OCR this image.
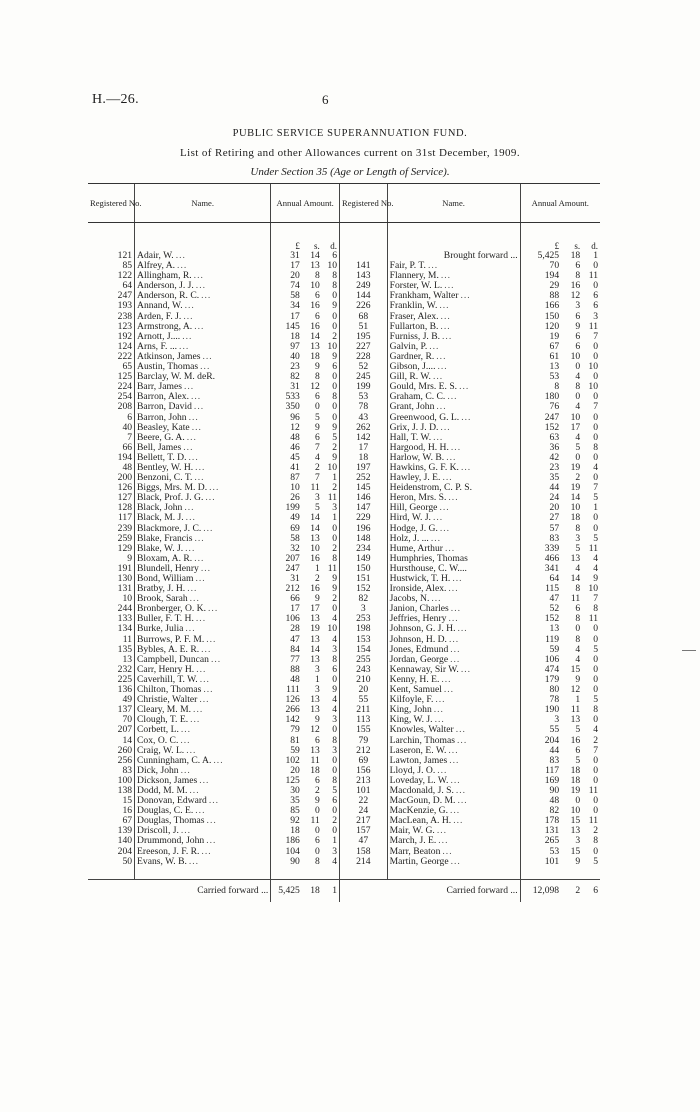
H.—26.	6
PUBLIC SERVICE SUPERANNUATION FUND.
List of Retiring and other Allowances current on 31st December, 1909.
Under Section 35 (Age or Length of Service).
Registered No.	Name.	Annual Amount.			Registered No.	Name.	Annual Amount.		

		£	s.	d.			£	s.	d.
121	Adair, W. ...	31	14	6		Brought forward ...	5,425	18	1
85	Alfrey, A. ...	17	13	10	141	Fair, P. T. ...	70	6	0
122	Allingham, R. ...	20	8	8	143	Flannery, M. ...	194	8	11
64	Anderson, J. J. ...	74	10	8	249	Forster, W. L. ...	29	16	0
247	Anderson, R. C. ...	58	6	0	144	Frankham, Walter ...	88	12	6
193	Annand, W. ...	34	16	9	226	Franklin, W. ...	166	3	6
238	Arden, F. J. ...	17	6	0	68	Fraser, Alex. ...	150	6	3
123	Armstrong, A. ...	145	16	0	51	Fullarton, B. ...	120	9	11
192	Arnott, J.... ...	18	14	2	195	Furniss, J. B. ...	19	6	7
124	Arns, F. ... ...	97	13	10	227	Galvin, P. ...	67	6	0
222	Atkinson, James ...	40	18	9	228	Gardner, R. ...	61	10	0
65	Austin, Thomas ...	23	9	6	52	Gibson, J.... ...	13	0	10
125	Barclay, W. M. deR.	82	8	0	245	Gill, R. W. ...	53	4	0
224	Barr, James ...	31	12	0	199	Gould, Mrs. E. S. ...	8	8	10
254	Barron, Alex. ...	533	6	8	53	Graham, C. C. ...	180	0	0
208	Barron, David ...	350	0	0	78	Grant, John ...	76	4	7
6	Barron, John ...	96	5	0	43	Greenwood, G. L. ...	247	10	0
40	Beasley, Kate ...	12	9	9	262	Grix, J. J. D. ...	152	17	0
7	Beere, G. A. ...	48	6	5	142	Hall, T. W. ...	63	4	0
66	Bell, James ...	46	7	2	17	Hargood, H. H. ...	36	5	8
194	Bellett, T. D. ...	45	4	9	18	Harlow, W. B. ...	42	0	0
48	Bentley, W. H. ...	41	2	10	197	Hawkins, G. F. K. ...	23	19	4
200	Benzoni, C. T. ...	87	7	1	252	Hawley, J. E. ...	35	2	0
126	Biggs, Mrs. M. D. ...	10	11	2	145	Heidenstrom, C. P. S.	44	19	7
127	Black, Prof. J. G. ...	26	3	11	146	Heron, Mrs. S. ...	24	14	5
128	Black, John ...	199	5	3	147	Hill, George ...	20	10	1
117	Black, M. J. ...	49	14	1	229	Hird, W. J. ...	27	18	0
239	Blackmore, J. C. ...	69	14	0	196	Hodge, J. G. ...	57	8	0
259	Blake, Francis ...	58	13	0	148	Holz, J. ... ...	83	3	5
129	Blake, W. J. ...	32	10	2	234	Hume, Arthur ...	339	5	11
9	Bloxam, A. R. ...	207	16	8	149	Humphries, Thomas	466	13	4
191	Blundell, Henry ...	247	1	11	150	Hursthouse, C. W....	341	4	4
130	Bond, William ...	31	2	9	151	Hustwick, T. H. ...	64	14	9
131	Bratby, J. H. ...	212	16	9	152	Ironside, Alex. ...	115	8	10
10	Brook, Sarah ...	66	9	2	82	Jacobs, N. ...	47	11	7
244	Bronberger, O. K. ...	17	17	0	3	Janion, Charles ...	52	6	8
133	Buller, F. T. H. ...	106	13	4	253	Jeffries, Henry ...	152	8	11
134	Burke, Julia ...	28	19	10	198	Johnson, G. J. H. ...	13	0	0
11	Burrows, P. F. M. ...	47	13	4	153	Johnson, H. D. ...	119	8	0
135	Bybles, A. E. R. ...	84	14	3	154	Jones, Edmund ...	59	4	5
13	Campbell, Duncan ...	77	13	8	255	Jordan, George ...	106	4	0
232	Carr, Henry H. ...	88	3	6	243	Kennaway, Sir W. ...	474	15	0
225	Caverhill, T. W. ...	48	1	0	210	Kenny, H. E. ...	179	9	0
136	Chilton, Thomas ...	111	3	9	20	Kent, Samuel ...	80	12	0
49	Christie, Walter ...	126	13	4	55	Kilfoyle, F. ...	78	1	5
137	Cleary, M. M. ...	266	13	4	211	King, John ...	190	11	8
70	Clough, T. E. ...	142	9	3	113	King, W. J. ...	3	13	0
207	Corbett, L. ...	79	12	0	155	Knowles, Walter ...	55	5	4
14	Cox, O. C. ...	81	6	8	79	Larchin, Thomas ...	204	16	2
260	Craig, W. L. ...	59	13	3	212	Laseron, E. W. ...	44	6	7
256	Cunningham, C. A. ...	102	11	0	69	Lawton, James ...	83	5	0
83	Dick, John ...	20	18	0	156	Lloyd, J. O. ...	117	18	0
100	Dickson, James ...	125	6	8	213	Loveday, L. W. ...	169	18	0
138	Dodd, M. M. ...	30	2	5	101	Macdonald, J. S. ...	90	19	11
15	Donovan, Edward ...	35	9	6	22	MacGoun, D. M. ...	48	0	0
16	Douglas, C. E. ...	85	0	0	24	MacKenzie, G. ...	82	10	0
67	Douglas, Thomas ...	92	11	2	217	MacLean, A. H. ...	178	15	11
139	Driscoll, J. ...	18	0	0	157	Mair, W. G. ...	131	13	2
140	Drummond, John ...	186	6	1	47	March, J. E. ...	265	3	8
204	Ereeson, J. F. R. ...	104	0	3	158	Marr, Beaton ...	53	15	0
50	Evans, W. B. ...	90	8	4	214	Martin, George ...	101	9	5

Carried forward ...		5,425	18	1	Carried forward ...		12,098	2	6
